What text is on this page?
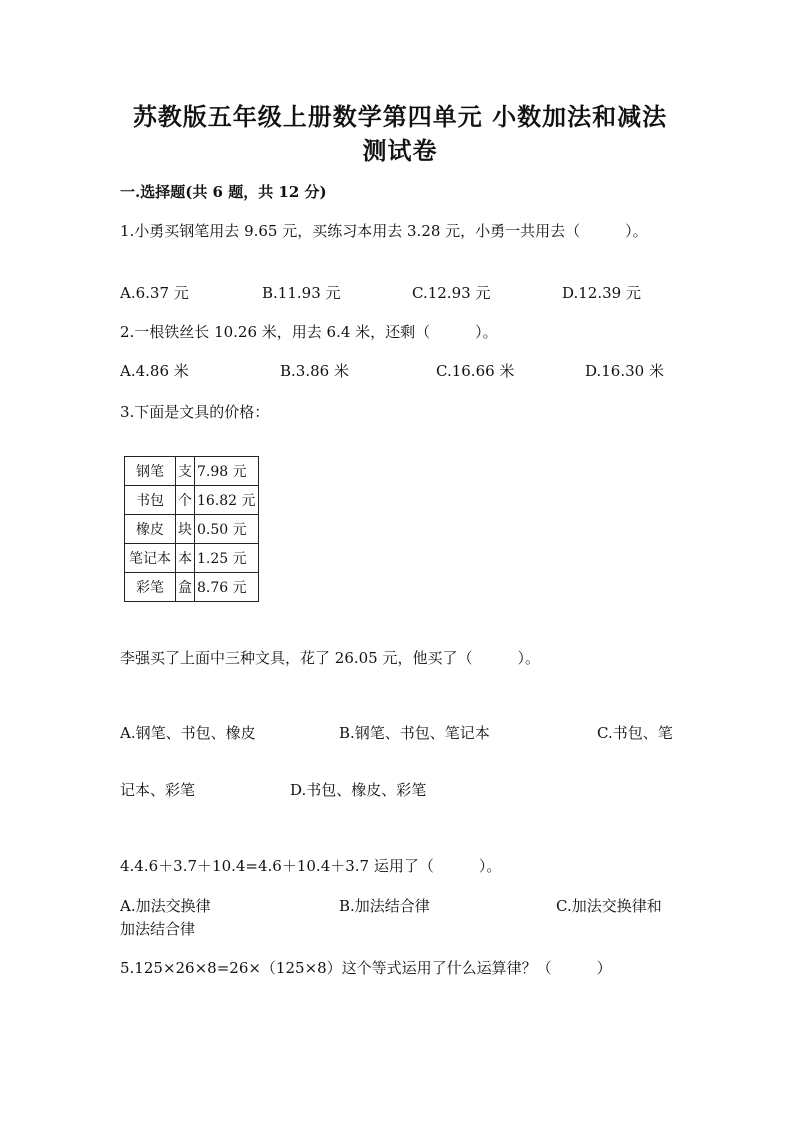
苏教版五年级上册数学第四单元 小数加法和减法
测试卷
一.选择题(共 6 题，共 12 分)
1.小勇买钢笔用去 9.65 元，买练习本用去 3.28 元，小勇一共用去（　　　）。
A.6.37 元	B.11.93 元	C.12.93 元	D.12.39 元
2.一根铁丝长 10.26 米，用去 6.4 米，还剩（　　　）。
A.4.86 米	B.3.86 米	C.16.66 米	D.16.30 米
3.下面是文具的价格：
钢笔	支	7.98 元
书包	个	16.82 元
橡皮	块	0.50 元
笔记本	本	1.25 元
彩笔	盒	8.76 元
李强买了上面中三种文具，花了 26.05 元，他买了（　　　）。
A.钢笔、书包、橡皮	B.钢笔、书包、笔记本	C.书包、笔
记本、彩笔	D.书包、橡皮、彩笔
4.4.6＋3.7＋10.4=4.6＋10.4＋3.7 运用了（　　　）。
A.加法交换律	B.加法结合律	C.加法交换律和
加法结合律
5.125×26×8=26×（125×8）这个等式运用了什么运算律？（　　　）
